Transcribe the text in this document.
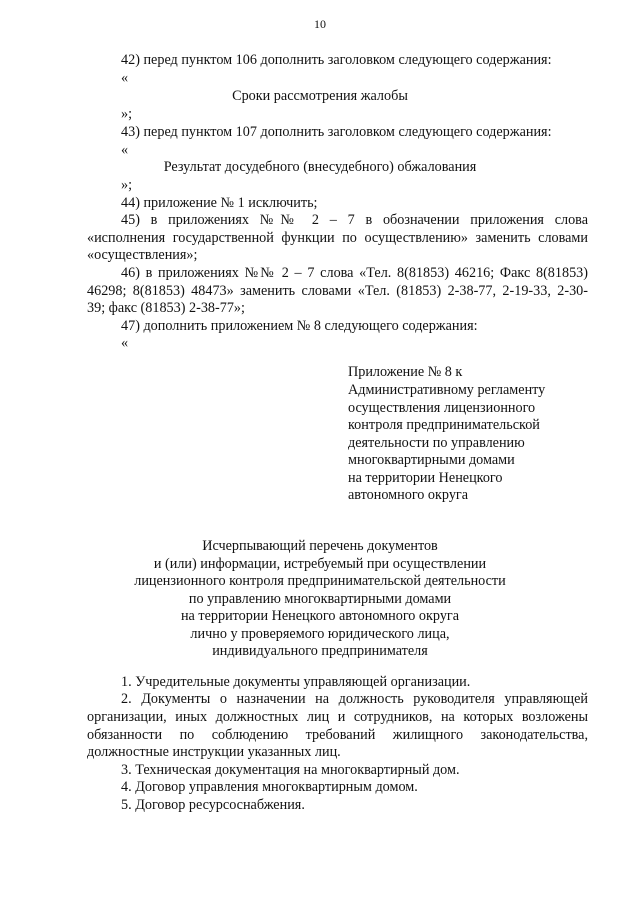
10
42) перед пунктом 106 дополнить заголовком следующего содержания:
«
Сроки рассмотрения жалобы
»;
43) перед пунктом 107 дополнить заголовком следующего содержания:
«
Результат досудебного (внесудебного) обжалования
»;
44) приложение № 1 исключить;
45) в приложениях №№ 2 – 7 в обозначении приложения слова
«исполнения государственной функции по осуществлению» заменить словами
«осуществления»;
46) в приложениях №№ 2 – 7 слова «Тел. 8(81853) 46216; Факс 8(81853)
46298; 8(81853) 48473» заменить словами «Тел. (81853) 2-38-77, 2-19-33, 2-30-
39; факс (81853) 2-38-77»;
47) дополнить приложением № 8 следующего содержания:
«
Приложение № 8 к
Административному регламенту
осуществления лицензионного
контроля предпринимательской
деятельности по управлению
многоквартирными домами
на территории Ненецкого
автономного округа
Исчерпывающий перечень документов
и (или) информации, истребуемый при осуществлении
лицензионного контроля предпринимательской деятельности
по управлению многоквартирными домами
на территории Ненецкого автономного округа
лично у проверяемого юридического лица,
индивидуального предпринимателя
1. Учредительные документы управляющей организации.
2. Документы о назначении на должность руководителя управляющей
организации, иных должностных лиц и сотрудников, на которых возложены
обязанности по соблюдению требований жилищного законодательства,
должностные инструкции указанных лиц.
3. Техническая документация на многоквартирный дом.
4. Договор управления многоквартирным домом.
5. Договор ресурсоснабжения.
